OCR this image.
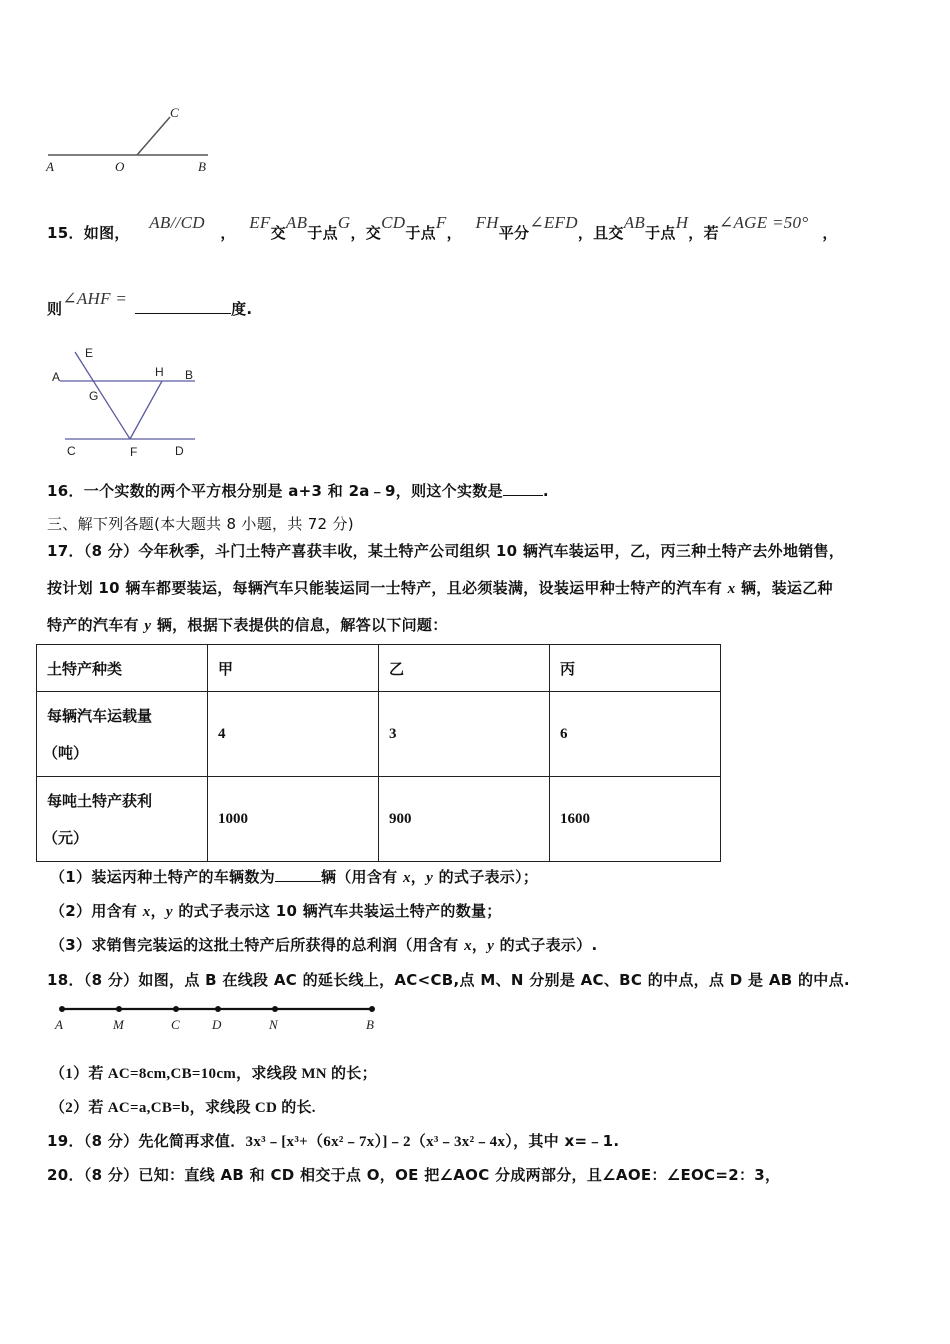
A	O	B
C
15．如图， AB//CD ， EF交AB于点G，交CD于点F， FH平分∠EFD，且交AB于点H，若∠AGE =50°，
则∠AHF =度.
E
A	H B
G
C	F	D
16．一个实数的两个平方根分别是 a+3 和 2a﹣9，则这个实数是	.
三、解下列各题(本大题共 8 小题，共 72 分)
17．（8 分）今年秋季，斗门土特产喜获丰收，某土特产公司组织 10 辆汽车装运甲，乙，丙三种土特产去外地销售，
按计划 10 辆车都要装运，每辆汽车只能装运同一士特产，且必须装满，设装运甲种士特产的汽车有 x 辆，装运乙种
特产的汽车有 y 辆，根据下表提供的信息，解答以下问题：
土特产种类	甲	乙	丙

每辆汽车运载量
（吨）	4	3	6

每吨土特产获利
（元）	1000	900	1600
（1）装运丙种土特产的车辆数为	辆（用含有 x，y 的式子表示）；
（2）用含有 x，y 的式子表示这 10 辆汽车共装运土特产的数量；
（3）求销售完装运的这批土特产后所获得的总利润（用含有 x，y 的式子表示）.
18．（8 分）如图，点 B 在线段 AC 的延长线上，AC<CB,点 M、N 分别是 AC、BC 的中点，点 D 是 AB 的中点.
A	M	C D	N	B
（1）若 AC=8cm,CB=10cm，求线段 MN 的长；
（2）若 AC=a,CB=b，求线段 CD 的长.
19．（8 分）先化简再求值．3x³﹣[x³+（6x²﹣7x）]﹣2（x³﹣3x²﹣4x），其中 x=﹣1.
20．（8 分）已知：直线 AB 和 CD 相交于点 O，OE 把∠AOC 分成两部分，且∠AOE：∠EOC=2：3，
